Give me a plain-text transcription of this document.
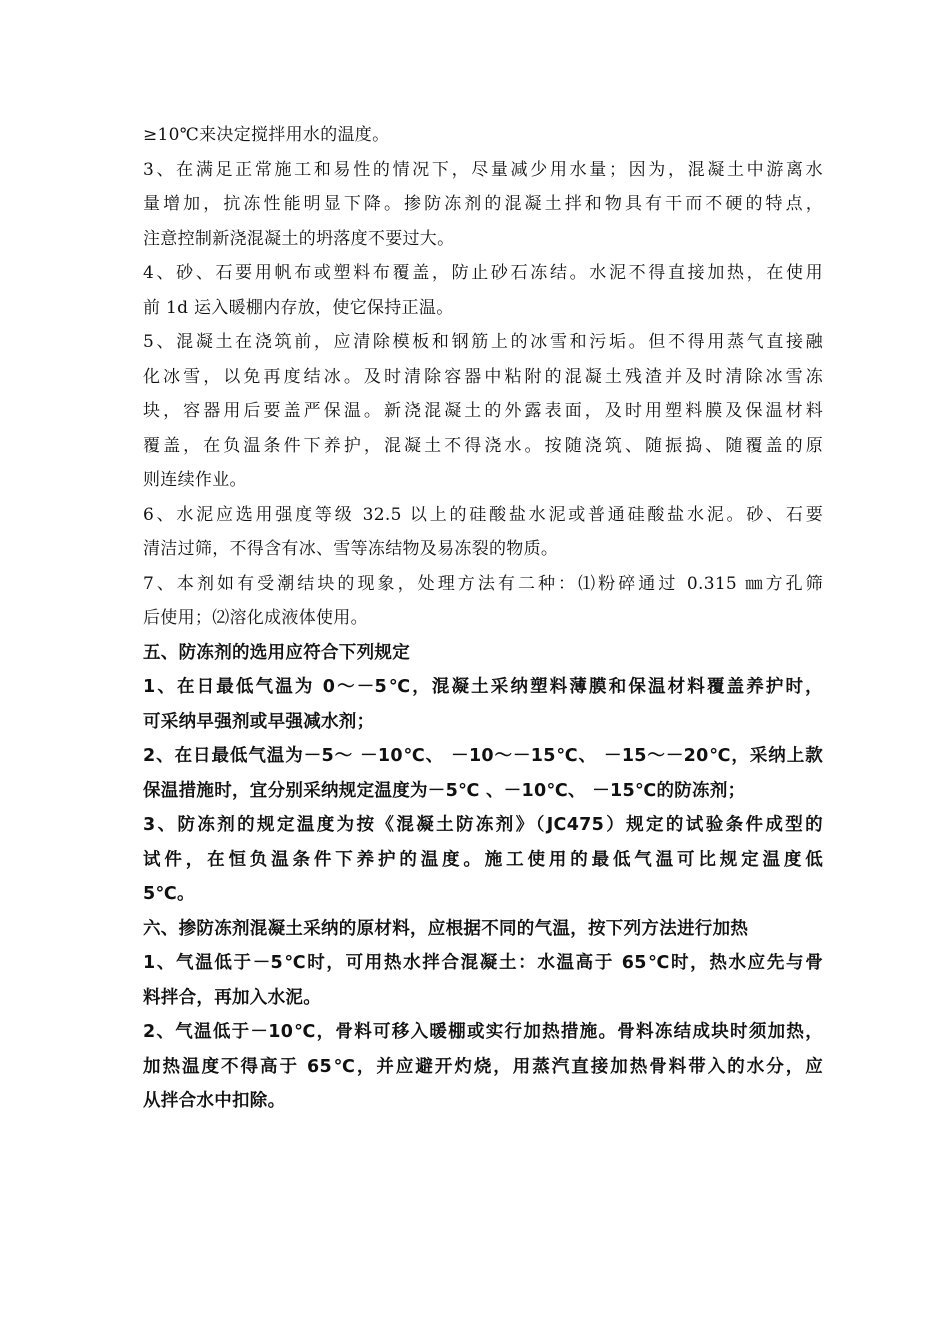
≥10℃来决定搅拌用水的温度。
3、在满足正常施工和易性的情况下，尽量减少用水量；因为，混凝土中游离水
量增加，抗冻性能明显下降。掺防冻剂的混凝土拌和物具有干而不硬的特点，
注意控制新浇混凝土的坍落度不要过大。
4、砂、石要用帆布或塑料布覆盖，防止砂石冻结。水泥不得直接加热，在使用
前 1d 运入暖棚内存放，使它保持正温。
5、混凝土在浇筑前，应清除模板和钢筋上的冰雪和污垢。但不得用蒸气直接融
化冰雪，以免再度结冰。及时清除容器中粘附的混凝土残渣并及时清除冰雪冻
块，容器用后要盖严保温。新浇混凝土的外露表面，及时用塑料膜及保温材料
覆盖，在负温条件下养护，混凝土不得浇水。按随浇筑、随振捣、随覆盖的原
则连续作业。
6、水泥应选用强度等级 32.5 以上的硅酸盐水泥或普通硅酸盐水泥。砂、石要
清洁过筛，不得含有冰、雪等冻结物及易冻裂的物质。
7、本剂如有受潮结块的现象，处理方法有二种：⑴粉碎通过 0.315 ㎜方孔筛
后使用；⑵溶化成液体使用。
五、防冻剂的选用应符合下列规定
1、在日最低气温为 0～－5℃，混凝土采纳塑料薄膜和保温材料覆盖养护时，
可采纳早强剂或早强减水剂；
2、在日最低气温为－5～ －10℃、 －10～－15℃、 －15～－20℃，采纳上款
保温措施时，宜分别采纳规定温度为－5℃ 、－10℃、 －15℃的防冻剂；
3、防冻剂的规定温度为按《混凝土防冻剂》（JC475）规定的试验条件成型的
试件，在恒负温条件下养护的温度。施工使用的最低气温可比规定温度低
5℃。
六、掺防冻剂混凝土采纳的原材料，应根据不同的气温，按下列方法进行加热
1、气温低于－5℃时，可用热水拌合混凝土：水温高于 65℃时，热水应先与骨
料拌合，再加入水泥。
2、气温低于－10℃，骨料可移入暖棚或实行加热措施。骨料冻结成块时须加热，
加热温度不得高于 65℃，并应避开灼烧，用蒸汽直接加热骨料带入的水分，应
从拌合水中扣除。
